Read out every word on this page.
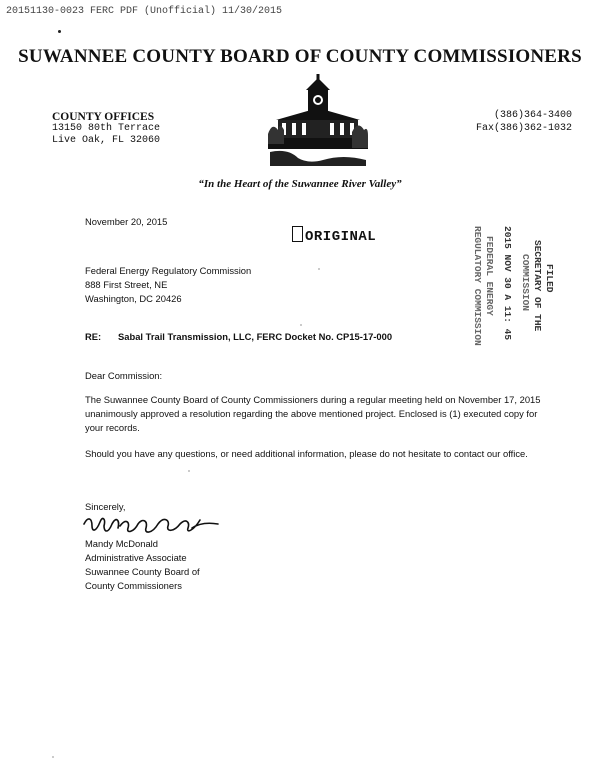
20151130-0023 FERC PDF (Unofficial) 11/30/2015
SUWANNEE COUNTY BOARD OF COUNTY COMMISSIONERS
COUNTY OFFICES
13150 80th Terrace
Live Oak, FL 32060
(386)364-3400
Fax(386)362-1032
“In the Heart of the Suwannee River Valley”
November 20, 2015
ORIGINAL
Federal Energy Regulatory Commission
888 First Street, NE
Washington, DC 20426
FILED
SECRETARY OF THE
COMMISSION
2015 NOV 30 A 11: 45
FEDERAL ENERGY
REGULATORY COMMISSION
RE: Sabal Trail Transmission, LLC, FERC Docket No. CP15-17-000
Dear Commission:
The Suwannee County Board of County Commissioners during a regular meeting held on November 17, 2015 unanimously approved a resolution regarding the above mentioned project. Enclosed is (1) executed copy for your records.
Should you have any questions, or need additional information, please do not hesitate to contact our office.
Sincerely,
Mandy McDonald
Administrative Associate
Suwannee County Board of
County Commissioners
